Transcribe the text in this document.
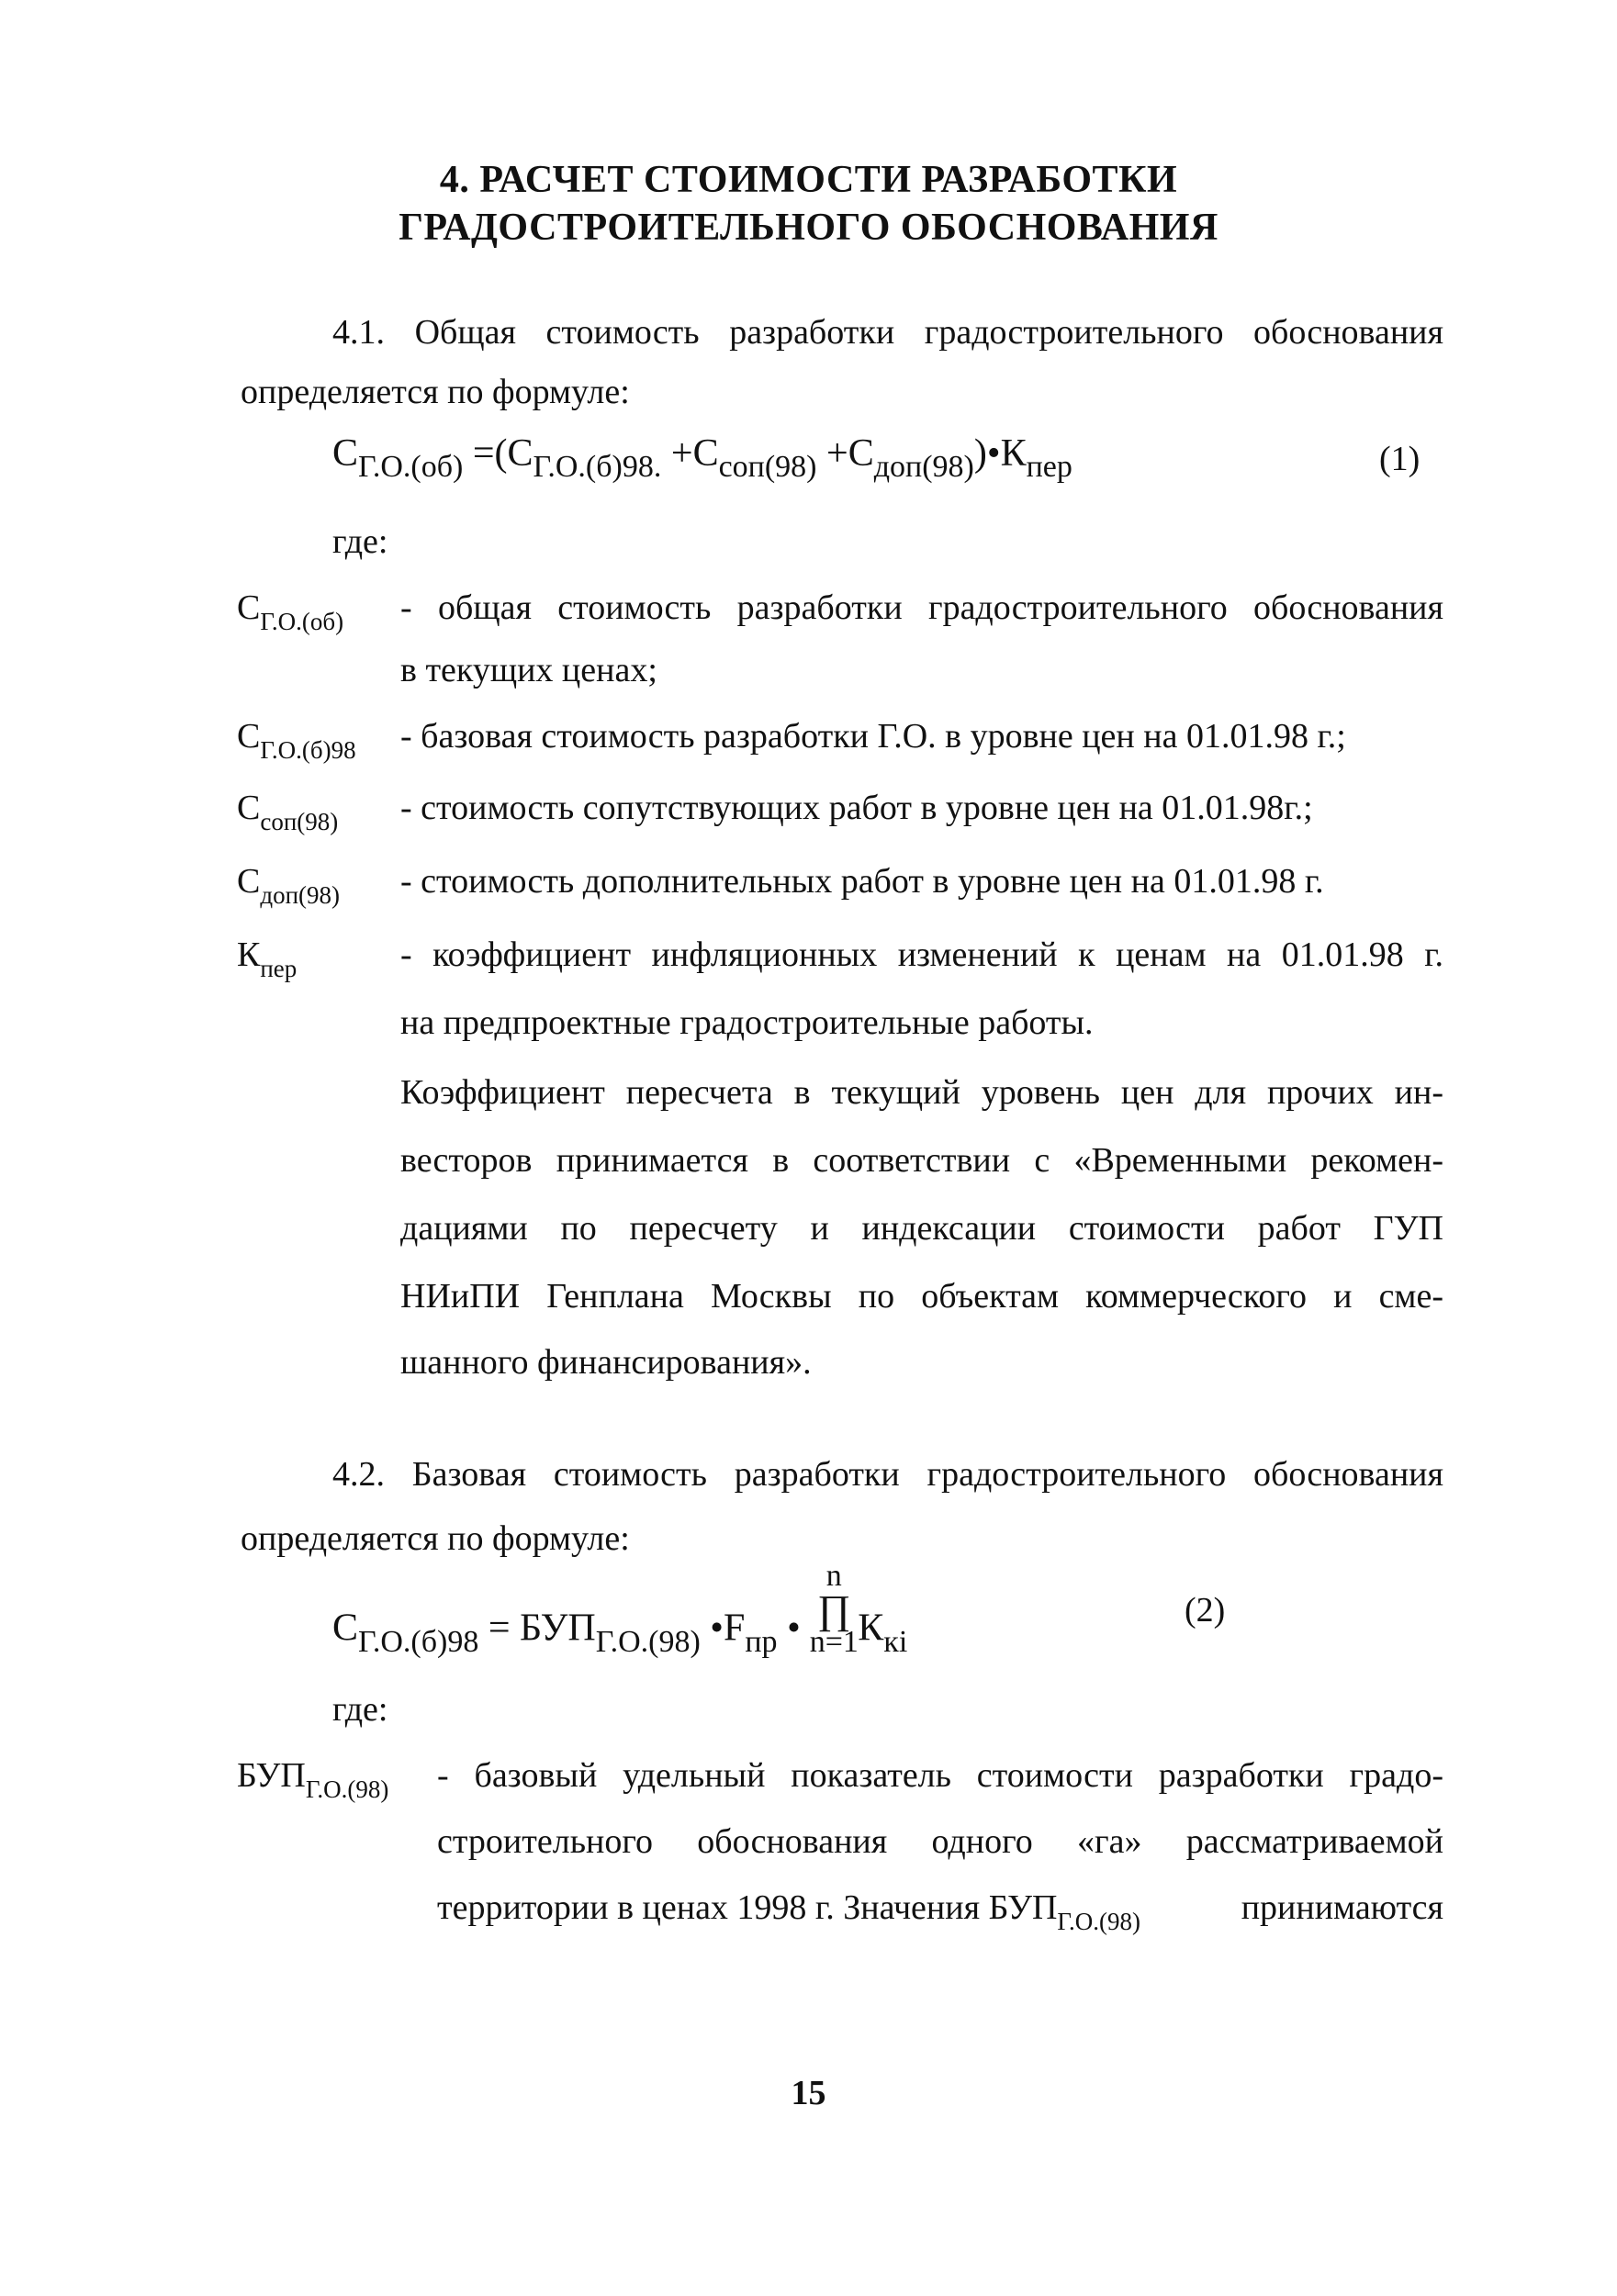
4. РАСЧЕТ СТОИМОСТИ РАЗРАБОТКИ
ГРАДОСТРОИТЕЛЬНОГО ОБОСНОВАНИЯ
4.1. Общая стоимость разработки градостроительного обоснования
определяется по формуле:
$С_{Г.О.(об)} =(С_{Г.О.(б)98.} +С_{соп(98)}$ $+С_{доп(98)})•К_{пер}$	(1)
где:
$С_{Г.О.(об)}$ - общая стоимость разработки градостроительного обоснования
в текущих ценах;
$С_{Г.О.(б)98}$ - базовая стоимость разработки Г.О. в уровне цен на 01.01.98 г.;
$С_{соп(98)}$ - стоимость сопутствующих работ в уровне цен на 01.01.98г.;
$С_{доп(98)}$ - стоимость дополнительных работ в уровне цен на 01.01.98 г.
$К_{пер}$	- коэффициент инфляционных изменений к ценам на 01.01.98 г.
на предпроектные градостроительные работы.
Коэффициент пересчета в текущий уровень цен для прочих ин-
весторов принимается в соответствии с «Временными рекомен-
дациями по пересчету и индексации стоимости работ ГУП
НИиПИ Генплана Москвы по объектам коммерческого и сме-
шанного финансирования».
4.2. Базовая стоимость разработки градостроительного обоснования
определяется по формуле:
$С_{Г.О.(б)98} = БУП_{Г.О.(98)}$ $•F_{пр}$ •
n
∏
n=1 $К_{кi}$
(2)
где:
$БУП_{Г.О.(98)}$ - базовый удельный показатель стоимости разработки градо-
строительного обоснования одного «га» рассматриваемой
территории в ценах 1998 г. Значения $БУП_{Г.О.(98)}$	принимаются
15
